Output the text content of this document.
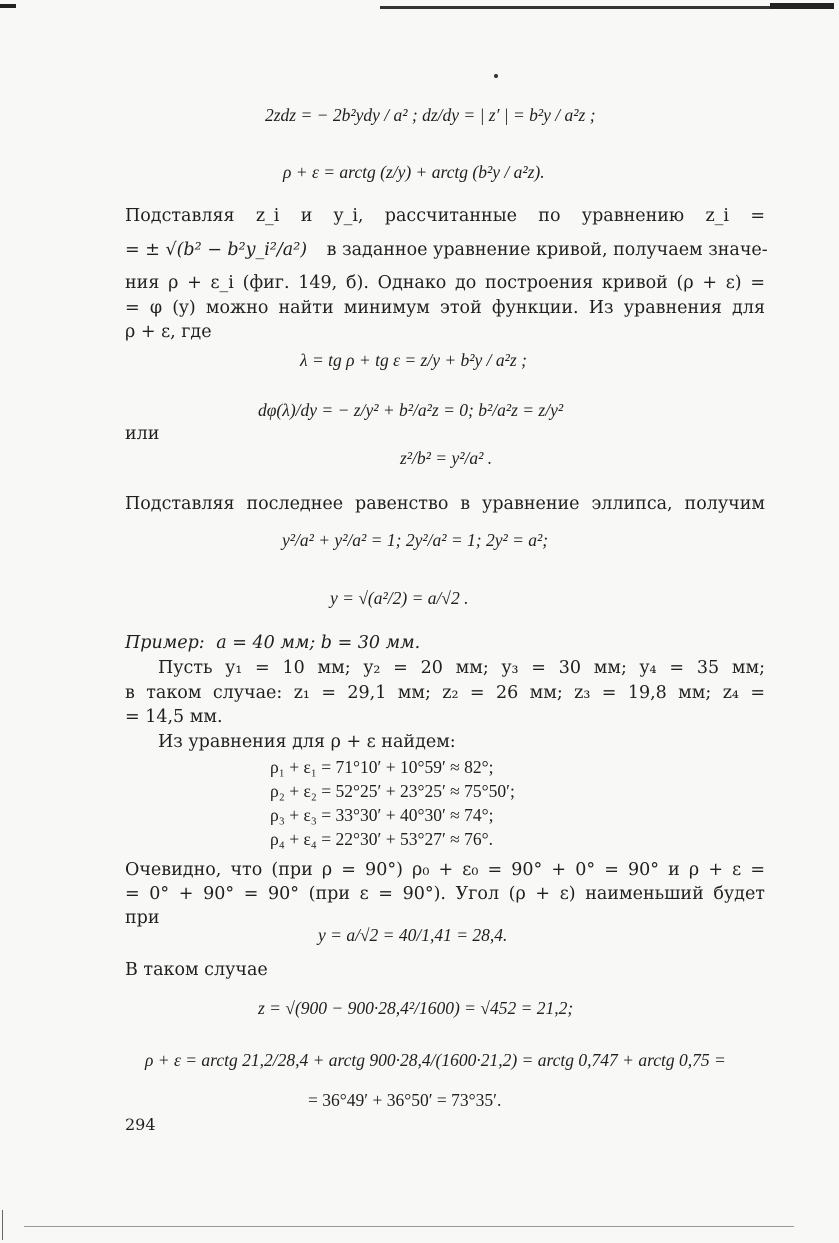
2zdz = − 2b²ydy / a² ; dz/dy = | z′ | = b²y / a²z ;
ρ + ε = arctg (z/y) + arctg (b²y / a²z).
Подставляя z_i и y_i, рассчитанные по уравнению z_i =
= ± √(b² − b²y_i²/a²) в заданное уравнение кривой, получаем значе-
ния ρ + ε_i (фиг. 149, б). Однако до построения кривой (ρ + ε) =
= φ (y) можно найти минимум этой функции. Из уравнения для
ρ + ε, где
λ = tg ρ + tg ε = z/y + b²y / a²z ;
dφ(λ)/dy = − z/y² + b²/a²z = 0; b²/a²z = z/y²
или
z²/b² = y²/a² .
Подставляя последнее равенство в уравнение эллипса, получим
y²/a² + y²/a² = 1; 2y²/a² = 1; 2y² = a²;
y = √(a²/2) = a/√2 .
Пример: a = 40 мм; b = 30 мм.
Пусть y₁ = 10 мм; y₂ = 20 мм; y₃ = 30 мм; y₄ = 35 мм;
в таком случае: z₁ = 29,1 мм; z₂ = 26 мм; z₃ = 19,8 мм; z₄ =
= 14,5 мм.
Из уравнения для ρ + ε найдем:
ρ₁ + ε₁ = 71°10′ + 10°59′ ≈ 82°;
ρ₂ + ε₂ = 52°25′ + 23°25′ ≈ 75°50′;
ρ₃ + ε₃ = 33°30′ + 40°30′ ≈ 74°;
ρ₄ + ε₄ = 22°30′ + 53°27′ ≈ 76°.
Очевидно, что (при ρ = 90°) ρ₀ + ε₀ = 90° + 0° = 90° и ρ + ε =
= 0° + 90° = 90° (при ε = 90°). Угол (ρ + ε) наименьший будет
при
y = a/√2 = 40/1,41 = 28,4.
В таком случае
z = √(900 − 900·28,4²/1600) = √452 = 21,2;
ρ + ε = arctg 21,2/28,4 + arctg 900·28,4/(1600·21,2) = arctg 0,747 + arctg 0,75 =
= 36°49′ + 36°50′ = 73°35′.
294
